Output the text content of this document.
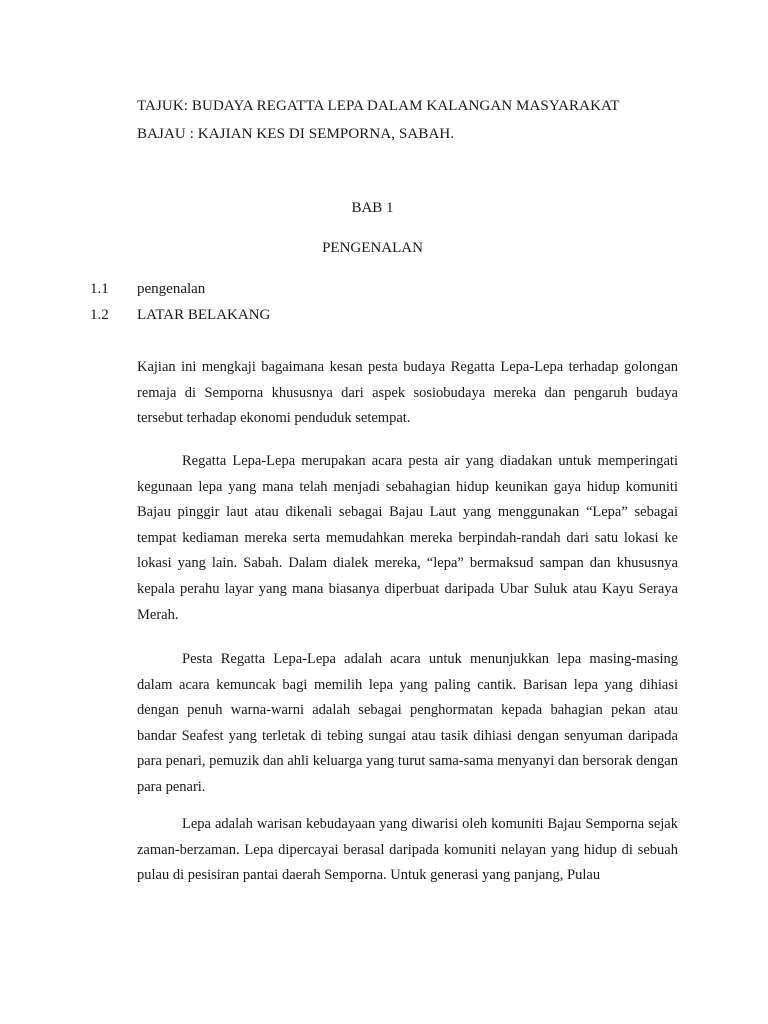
TAJUK: BUDAYA REGATTA LEPA DALAM KALANGAN MASYARAKAT
BAJAU : KAJIAN KES DI SEMPORNA, SABAH.
BAB 1
PENGENALAN
1.1 pengenalan
1.2 LATAR BELAKANG

Kajian ini mengkaji bagaimana kesan pesta budaya Regatta Lepa-Lepa terhadap golongan remaja di Semporna khususnya dari aspek sosiobudaya mereka dan pengaruh budaya tersebut terhadap ekonomi penduduk setempat.

Regatta Lepa-Lepa merupakan acara pesta air yang diadakan untuk memperingati kegunaan lepa yang mana telah menjadi sebahagian hidup keunikan gaya hidup komuniti Bajau pinggir laut atau dikenali sebagai Bajau Laut yang menggunakan “Lepa” sebagai tempat kediaman mereka serta memudahkan mereka berpindah-randah dari satu lokasi ke lokasi yang lain. Sabah. Dalam dialek mereka, “lepa” bermaksud sampan dan khususnya kepala perahu layar yang mana biasanya diperbuat daripada Ubar Suluk atau Kayu Seraya Merah.

Pesta Regatta Lepa-Lepa adalah acara untuk menunjukkan lepa masing-masing dalam acara kemuncak bagi memilih lepa yang paling cantik. Barisan lepa yang dihiasi dengan penuh warna-warni adalah sebagai penghormatan kepada bahagian pekan atau bandar Seafest yang terletak di tebing sungai atau tasik dihiasi dengan senyuman daripada para penari, pemuzik dan ahli keluarga yang turut sama-sama menyanyi dan bersorak dengan para penari.

Lepa adalah warisan kebudayaan yang diwarisi oleh komuniti Bajau Semporna sejak zaman-berzaman. Lepa dipercayai berasal daripada komuniti nelayan yang hidup di sebuah pulau di pesisiran pantai daerah Semporna. Untuk generasi yang panjang, Pulau
